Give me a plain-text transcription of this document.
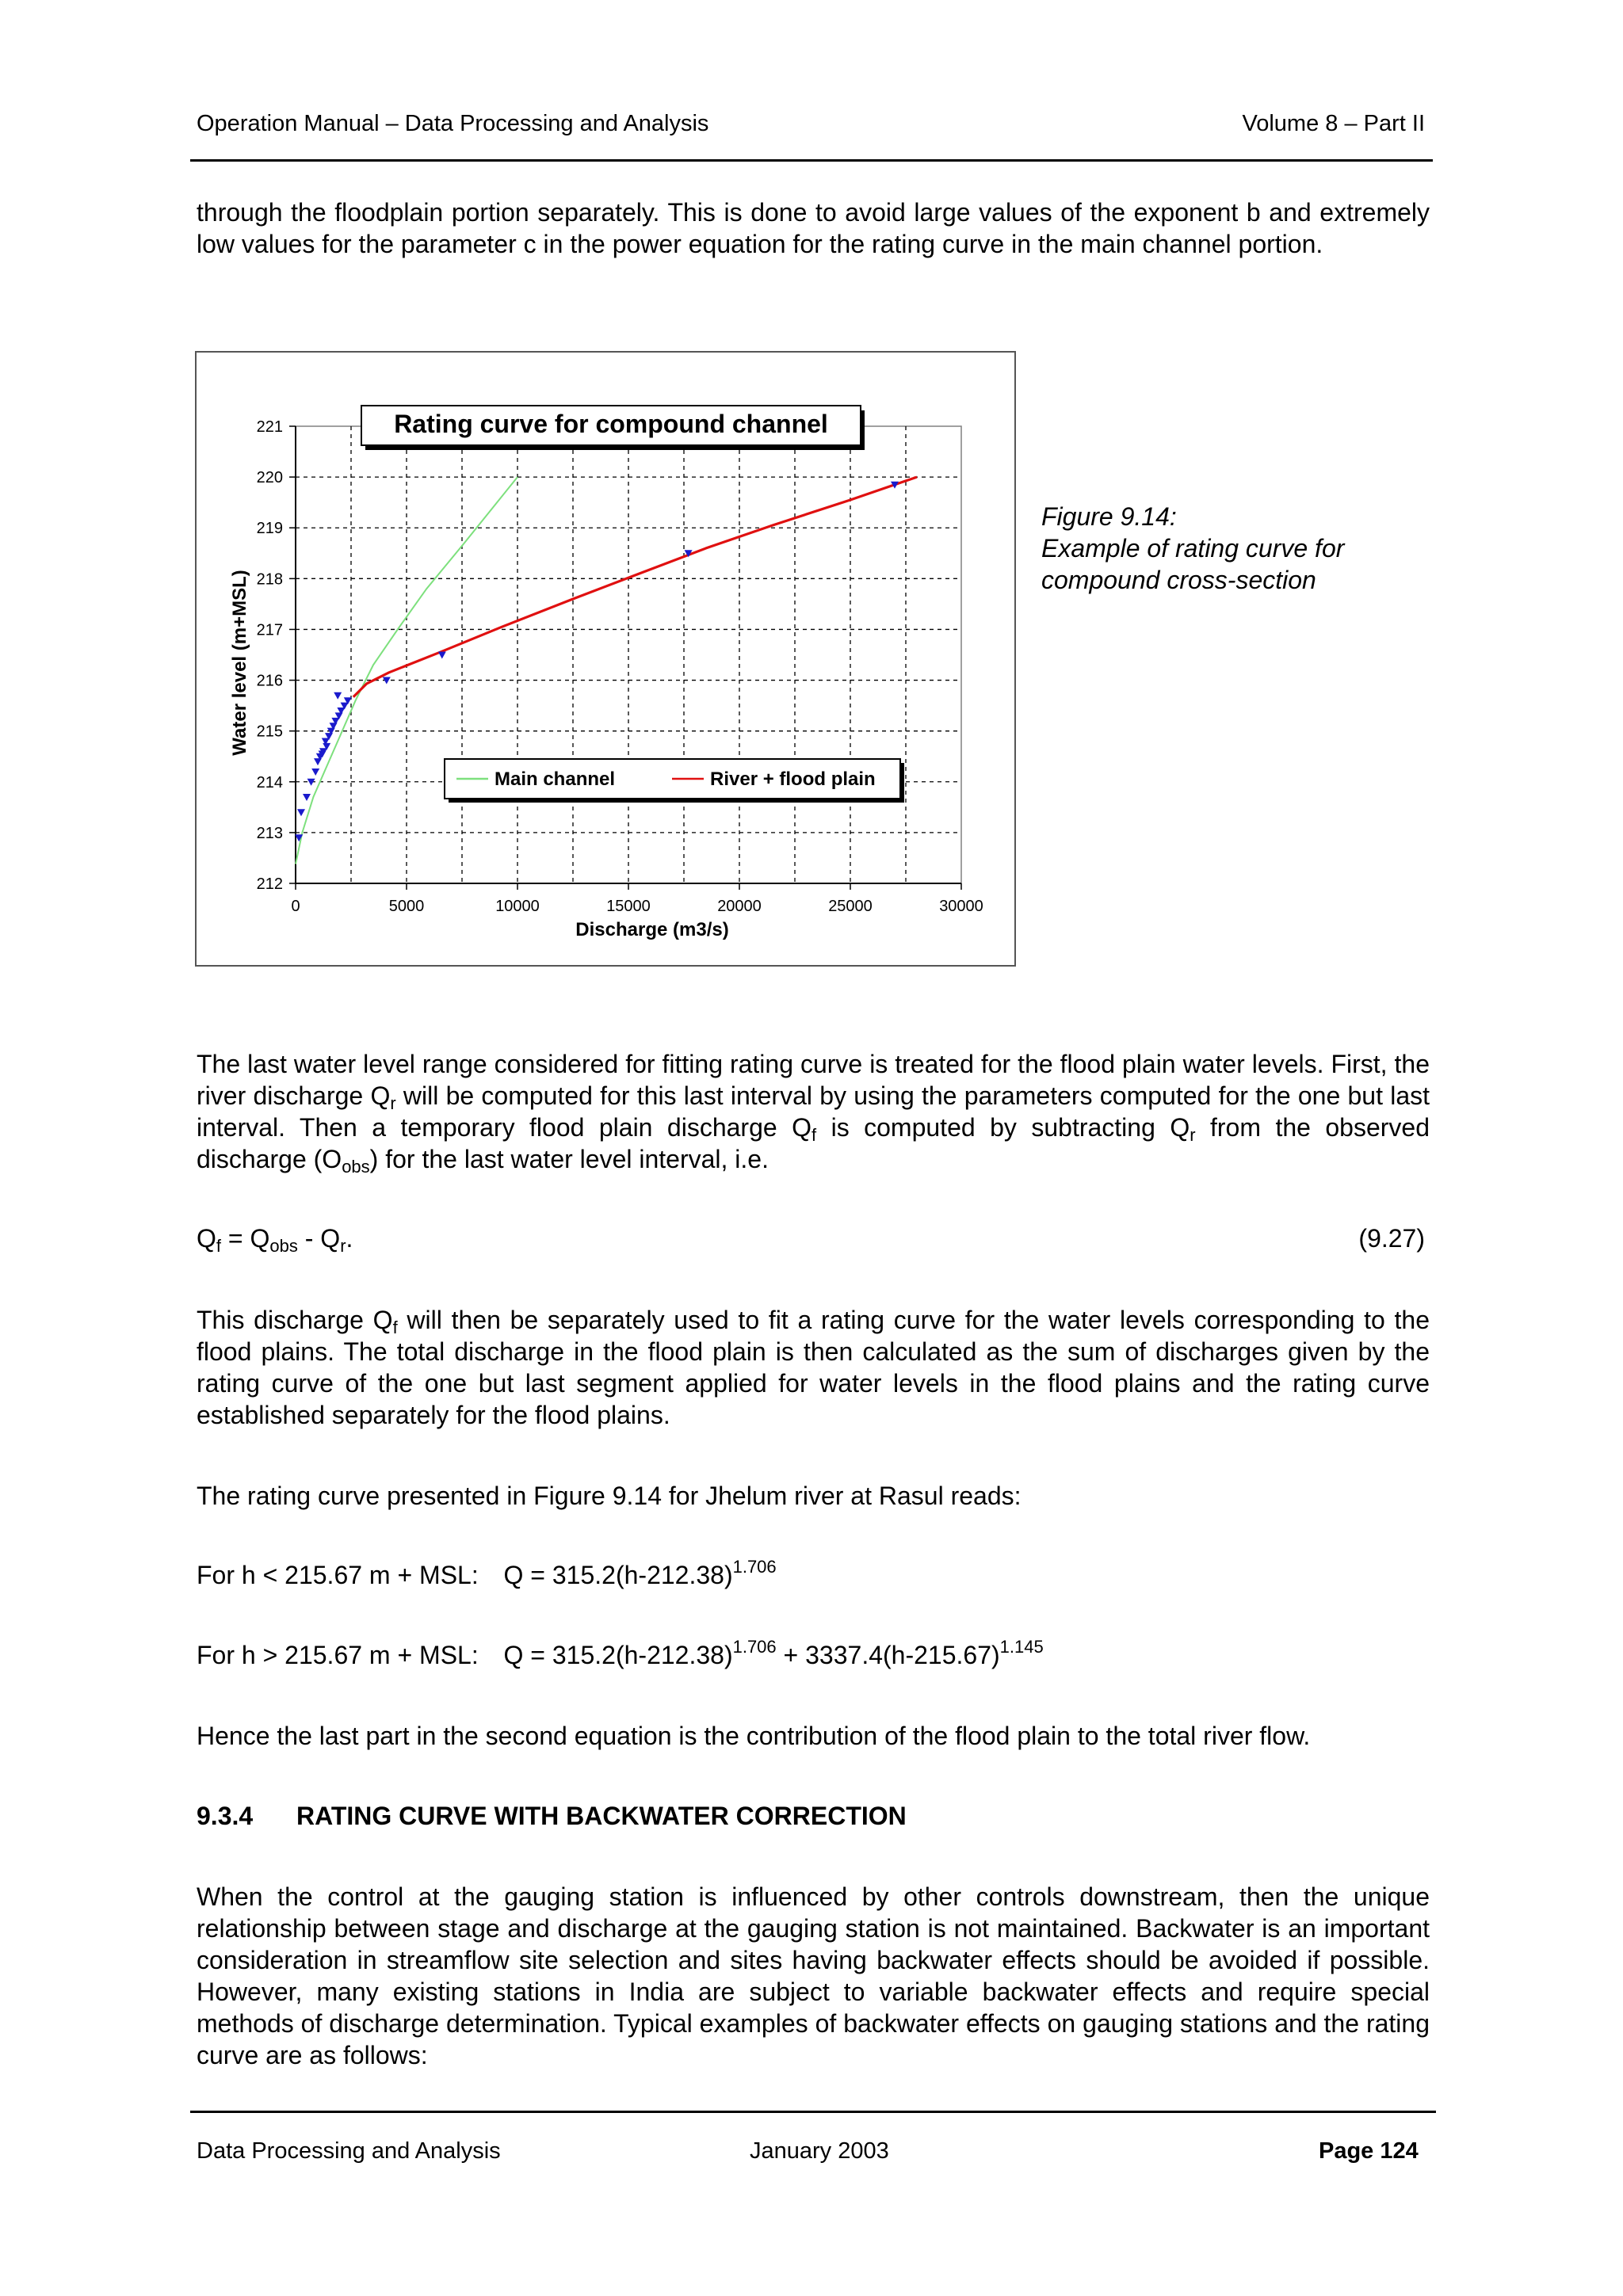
Operation Manual – Data Processing and Analysis	Volume 8 – Part II

through the floodplain portion separately. This is done to avoid large values of the exponent b and extremely low values for the parameter c in the power equation for the rating curve in the main channel portion.

0	5000	10000	15000	20000	25000	30000
212
213
214
215
216
217
218
219
220
221
Discharge (m3/s)
Water level (m+MSL)
Rating curve for compound channel
Main channel	River + flood plain
Figure 9.14:
Example of rating curve for
compound cross-section

The last water level range considered for fitting rating curve is treated for the flood plain water levels. First, the river discharge $Q_r$ will be computed for this last interval by using the parameters computed for the one but last interval. Then a temporary flood plain discharge $Q_f$ is computed by subtracting $Q_r$ from the observed discharge $(O_{obs})$ for the last water level interval, i.e.

$Q_f = Q_{obs} - Q_r$.	(9.27)

This discharge $Q_f$ will then be separately used to fit a rating curve for the water levels corresponding to the flood plains. The total discharge in the flood plain is then calculated as the sum of discharges given by the rating curve of the one but last segment applied for water levels in the flood plains and the rating curve established separately for the flood plains.

The rating curve presented in Figure 9.14 for Jhelum river at Rasul reads:
For h < 215.67 m + MSL: $Q = 315.2(h-212.38)^{1.706}$
For h > 215.67 m + MSL: $Q = 315.2(h-212.38)^{1.706} + 3337.4(h-215.67)^{1.145}$
Hence the last part in the second equation is the contribution of the flood plain to the total river flow.
9.3.4 RATING CURVE WITH BACKWATER CORRECTION

When the control at the gauging station is influenced by other controls downstream, then the unique relationship between stage and discharge at the gauging station is not maintained. Backwater is an important consideration in streamflow site selection and sites having backwater effects should be avoided if possible. However, many existing stations in India are subject to variable backwater effects and require special methods of discharge determination. Typical examples of backwater effects on gauging stations and the rating curve are as follows:

Data Processing and Analysis	January 2003	Page 124
